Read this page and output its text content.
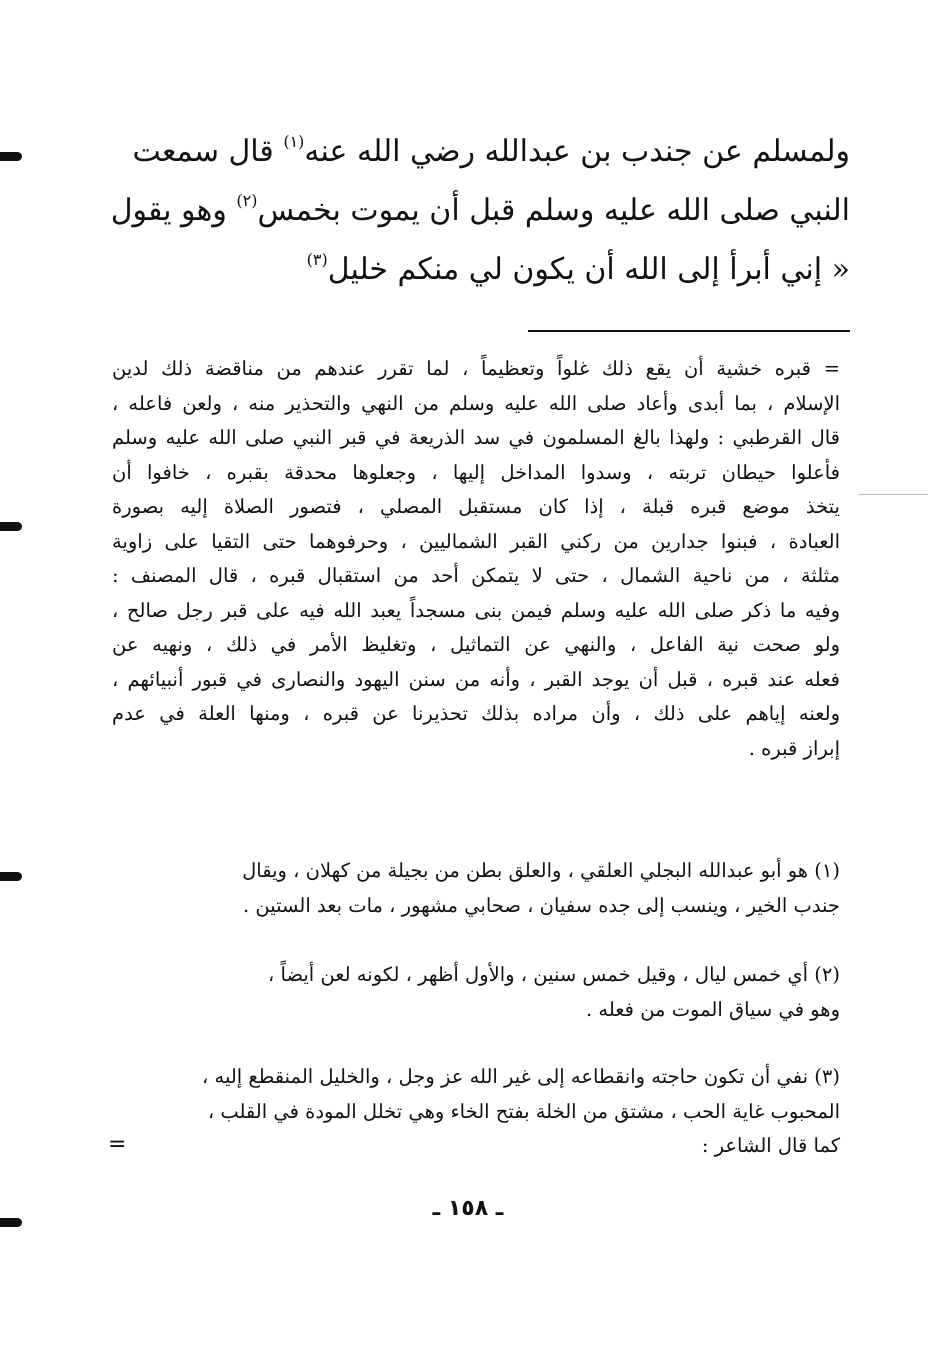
ولمسلم عن جندب بن عبدالله رضي الله عنه$^{(١)}$ قال سمعت
النبي صلى الله عليه وسلم قبل أن يموت بخمس$^{(٢)}$ وهو يقول
« إني أبرأ إلى الله أن يكون لي منكم خليل$^{(٣)}$
= قبره خشية أن يقع ذلك غلواً وتعظيماً ، لما تقرر عندهم من مناقضة ذلك لدين
الإسلام ، بما أبدى وأعاد صلى الله عليه وسلم من النهي والتحذير منه ، ولعن فاعله ،
قال القرطبي : ولهذا بالغ المسلمون في سد الذريعة في قبر النبي صلى الله عليه وسلم
فأعلوا حيطان تربته ، وسدوا المداخل إليها ، وجعلوها محدقة بقبره ، خافوا أن
يتخذ موضع قبره قبلة ، إذا كان مستقبل المصلي ، فتصور الصلاة إليه بصورة
العبادة ، فبنوا جدارين من ركني القبر الشماليين ، وحرفوهما حتى التقيا على زاوية
مثلثة ، من ناحية الشمال ، حتى لا يتمكن أحد من استقبال قبره ، قال المصنف :
وفيه ما ذكر صلى الله عليه وسلم فيمن بنى مسجداً يعبد الله فيه على قبر رجل صالح ،
ولو صحت نية الفاعل ، والنهي عن التماثيل ، وتغليظ الأمر في ذلك ، ونهيه عن
فعله عند قبره ، قبل أن يوجد القبر ، وأنه من سنن اليهود والنصارى في قبور أنبيائهم ،
ولعنه إياهم على ذلك ، وأن مراده بذلك تحذيرنا عن قبره ، ومنها العلة في عدم
إبراز قبره .
(١) هو أبو عبدالله البجلي العلقي ، والعلق بطن من بجيلة من كهلان ، ويقال
جندب الخير ، وينسب إلى جده سفيان ، صحابي مشهور ، مات بعد الستين .
(٢) أي خمس ليال ، وقيل خمس سنين ، والأول أظهر ، لكونه لعن أيضاً ،
وهو في سياق الموت من فعله .
(٣) نفي أن تكون حاجته وانقطاعه إلى غير الله عز وجل ، والخليل المنقطع إليه ،
المحبوب غاية الحب ، مشتق من الخلة بفتح الخاء وهي تخلل المودة في القلب ،
كما قال الشاعر :
=
ـ ١٥٨ ـ
